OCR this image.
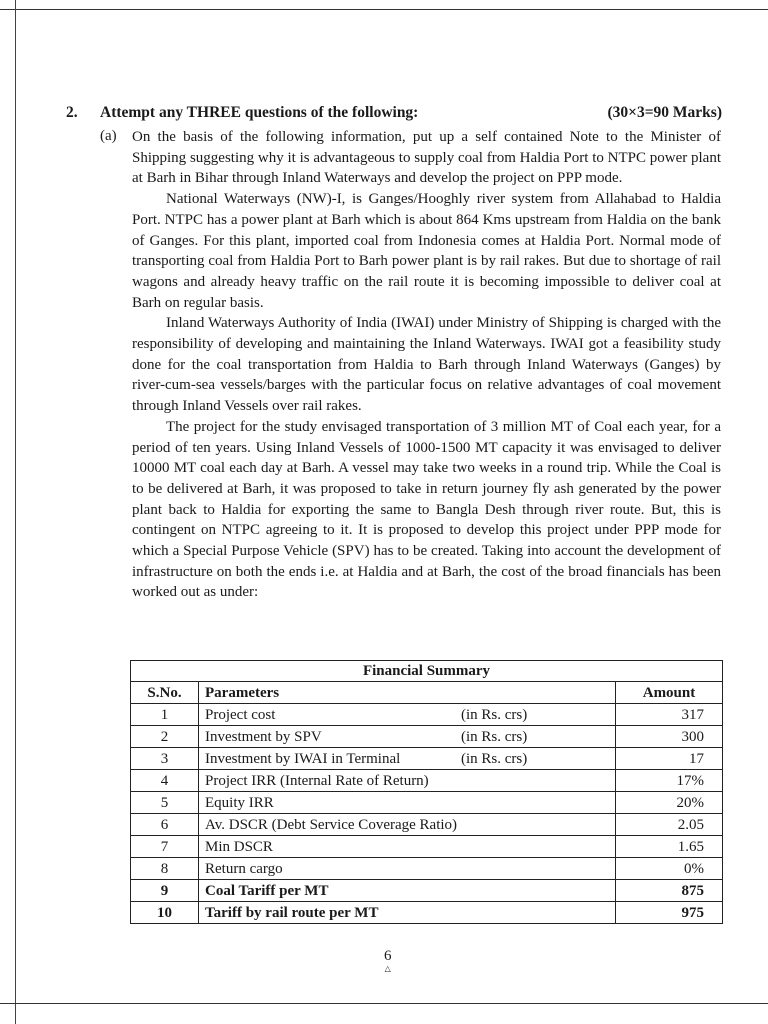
2. Attempt any THREE questions of the following:	(30×3=90 Marks)
(a) On the basis of the following information, put up a self contained Note to the Minister of Shipping suggesting why it is advantageous to supply coal from Haldia Port to NTPC power plant at Barh in Bihar through Inland Waterways and develop the project on PPP mode.

National Waterways (NW)-I, is Ganges/Hooghly river system from Allahabad to Haldia Port. NTPC has a power plant at Barh which is about 864 Kms upstream from Haldia on the bank of Ganges. For this plant, imported coal from Indonesia comes at Haldia Port. Normal mode of transporting coal from Haldia Port to Barh power plant is by rail rakes. But due to shortage of rail wagons and already heavy traffic on the rail route it is becoming impossible to deliver coal at Barh on regular basis.

Inland Waterways Authority of India (IWAI) under Ministry of Shipping is charged with the responsibility of developing and maintaining the Inland Waterways. IWAI got a feasibility study done for the coal transportation from Haldia to Barh through Inland Waterways (Ganges) by river-cum-sea vessels/barges with the particular focus on relative advantages of coal movement through Inland Vessels over rail rakes.

The project for the study envisaged transportation of 3 million MT of Coal each year, for a period of ten years. Using Inland Vessels of 1000-1500 MT capacity it was envisaged to deliver 10000 MT coal each day at Barh. A vessel may take two weeks in a round trip. While the Coal is to be delivered at Barh, it was proposed to take in return journey fly ash generated by the power plant back to Haldia for exporting the same to Bangla Desh through river route. But, this is contingent on NTPC agreeing to it. It is proposed to develop this project under PPP mode for which a Special Purpose Vehicle (SPV) has to be created. Taking into account the development of infrastructure on both the ends i.e. at Haldia and at Barh, the cost of the broad financials has been worked out as under:

Financial Summary		
S.No.	Parameters	Amount
1	Project cost (in Rs. crs)	317
2	Investment by SPV (in Rs. crs)	300
3	Investment by IWAI in Terminal (in Rs. crs)	17
4	Project IRR (Internal Rate of Return)	17%
5	Equity IRR	20%
6	Av. DSCR (Debt Service Coverage Ratio)	2.05
7	Min DSCR	1.65
8	Return cargo	0%
9	Coal Tariff per MT	875
10	Tariff by rail route per MT	975
6
△
